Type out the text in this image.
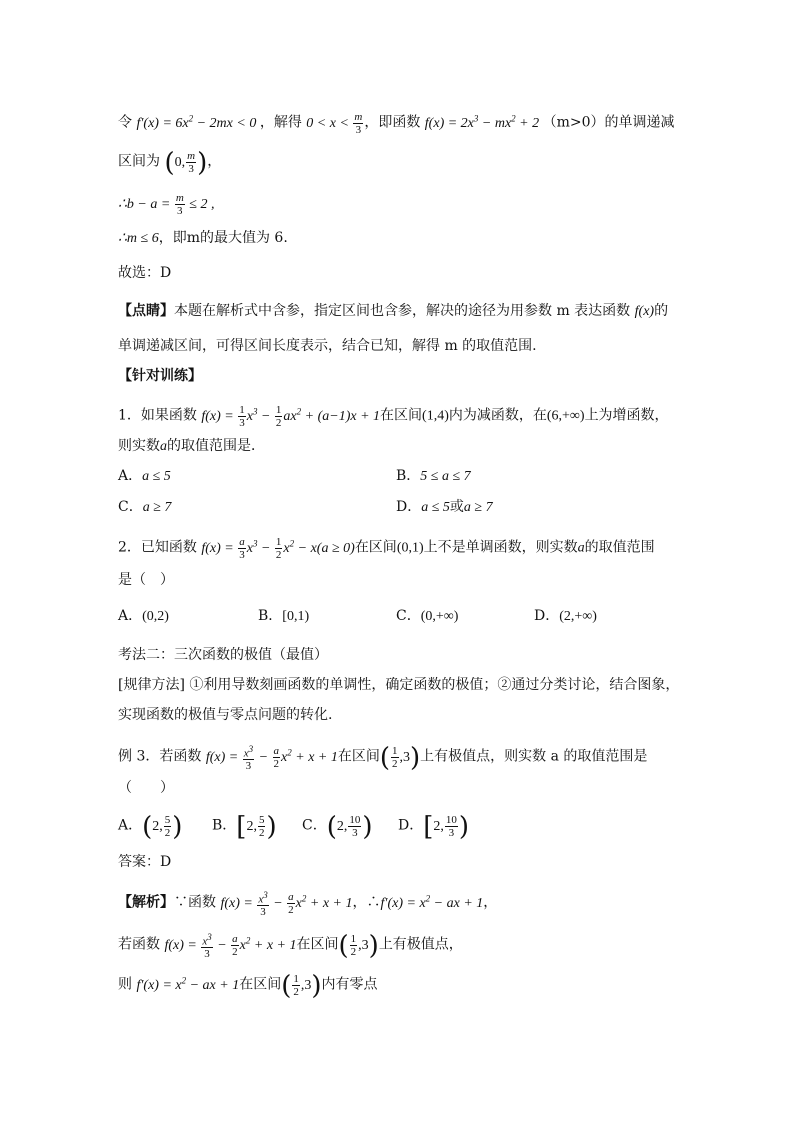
令 $f'(x) = 6x^2 - 2mx < 0$ ，解得 $0 < x < \frac{m}{3}$ ，即函数 $f(x) = 2x^3 - mx^2 + 2$ （m>0）的单调递减
区间为 (0, $\frac{m}{3}$ )，
∴b − $a = \frac{m}{3} \le 2$ ,
∴m ≤ 6，即m的最大值为 6.
故选：D
【点睛】本题在解析式中含参，指定区间也含参，解决的途径为用参数 m 表达函数 f(x)的
单调递减区间，可得区间长度表示，结合已知，解得 m 的取值范围.
【针对训练】
1．如果函数 $f(x) = \frac{1}{3} x^3 - \frac{1}{2} ax^2 + (a-1)x + 1$在区间(1,4)内为减函数，在(6,+∞)上为增函数，
则实数a的取值范围是．
A．a ≤ 5	B．5 ≤ a ≤ 7
C．a ≥ 7	D．a ≤ 5或a ≥ 7
2．已知函数 $f(x) = \frac{a}{3} x^3 - \frac{1}{2} x^2 - x(a \ge 0)$在区间(0,1)上不是单调函数，则实数a的取值范围
是（　）
A．(0,2)	B．[0,1)	C．(0,+∞)	D．(2,+∞)
考法二：三次函数的极值（最值）
[规律方法] ①利用导数刻画函数的单调性，确定函数的极值；②通过分类讨论，结合图象，
实现函数的极值与零点问题的转化.
例 3．若函数 $f(x) = \frac{x^3}{3} - \frac{a}{2} x^2 + x + 1$在区间( $\frac{1}{2} ,3$)上有极值点，则实数 a 的取值范围是
（　　）
A．(2, $\frac{5}{2}$ ) B．[2, $\frac{5}{2}$ ) C．(2, $\frac{10}{3}$ ) D．[2, $\frac{10}{3}$ )
答案：D
【解析】∵函数 $f(x) = \frac{x^3}{3} - \frac{a}{2} x^2 + x + 1$，∴f′(x) = $x^2$ − ax + 1，
若函数 $f(x) = \frac{x^3}{3} - \frac{a}{2} x^2 + x + 1$在区间( $\frac{1}{2} ,3$)上有极值点，
则 $f'(x) = x^2$ − ax + 1在区间( $\frac{1}{2} ,3$)内有零点
